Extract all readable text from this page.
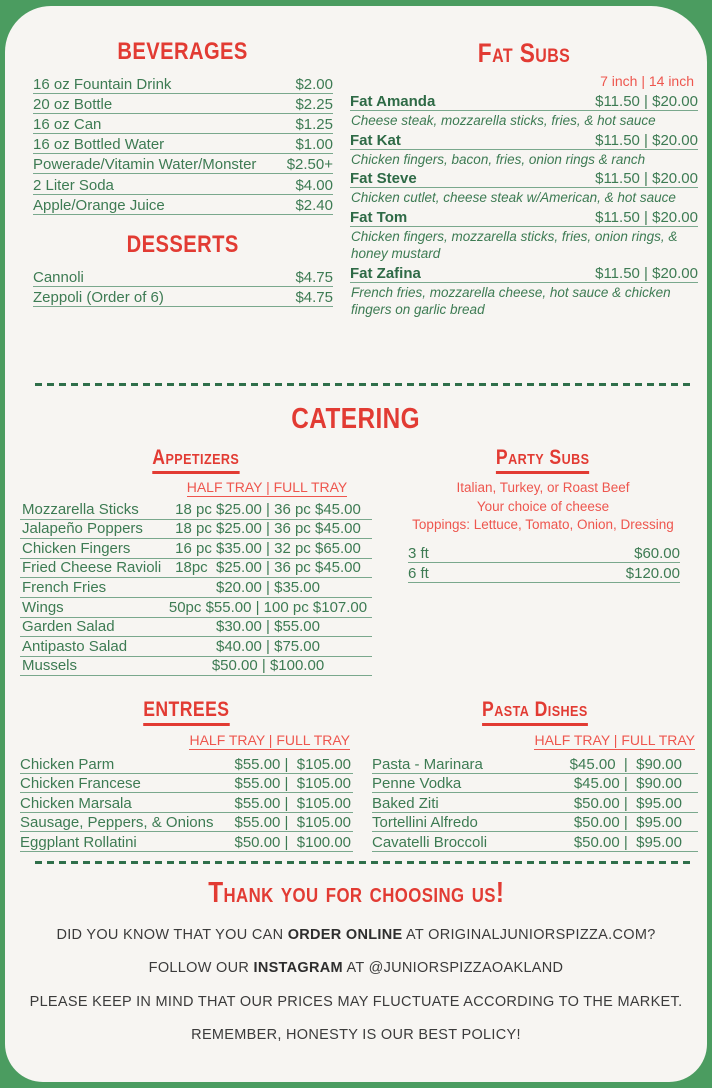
BEVERAGES
16 oz Fountain Drink	$2.00
20 oz Bottle	$2.25
16 oz Can	$1.25
16 oz Bottled Water	$1.00
Powerade/Vitamin Water/Monster $2.50+
2 Liter Soda	$4.00
Apple/Orange Juice	$2.40
Fat Subs
7 inch | 14 inch
Fat Amanda	$11.50 | $20.00
Cheese steak, mozzarella sticks, fries, & hot sauce
Fat Kat	$11.50 | $20.00
Chicken fingers, bacon, fries, onion rings & ranch
Fat Steve	$11.50 | $20.00
Chicken cutlet, cheese steak w/American, & hot sauce
Fat Tom	$11.50 | $20.00
Chicken fingers, mozzarella sticks, fries, onion rings, & honey mustard
Fat Zafina	$11.50 | $20.00
French fries, mozzarella cheese, hot sauce & chicken fingers on garlic bread
DESSERTS
Cannoli	$4.75
Zeppoli (Order of 6)	$4.75
CATERING
Appetizers
HALF TRAY | FULL TRAY
Mozzarella Sticks	18 pc $25.00 | 36 pc $45.00
Jalapeño Poppers	18 pc $25.00 | 36 pc $45.00
Chicken Fingers	16 pc $35.00 | 32 pc $65.00
Fried Cheese Ravioli 18pc  $25.00 | 36 pc $45.00
French Fries	$20.00 | $35.00
Wings	50pc $55.00 | 100 pc $107.00
Garden Salad	$30.00 | $55.00
Antipasto Salad	$40.00 | $75.00
Mussels	$50.00 | $100.00
Party Subs
Italian, Turkey, or Roast Beef
Your choice of cheese
Toppings: Lettuce, Tomato, Onion, Dressing
3 ft	$60.00
6 ft	$120.00
ENTREES
HALF TRAY | FULL TRAY
Chicken Parm	$55.00 |  $105.00
Chicken Francese	$55.00 |  $105.00
Chicken Marsala	$55.00 |  $105.00
Sausage, Peppers, & Onions $55.00 |  $105.00
Eggplant Rollatini	$50.00 |  $100.00
Pasta Dishes
HALF TRAY | FULL TRAY
Pasta - Marinara	$45.00  |  $90.00
Penne Vodka	$45.00 |  $90.00
Baked Ziti	$50.00 |  $95.00
Tortellini Alfredo	$50.00 |  $95.00
Cavatelli Broccoli	$50.00 |  $95.00
Thank you for choosing us!
DID YOU KNOW THAT YOU CAN ORDER ONLINE AT ORIGINALJUNIORSPIZZA.COM?
FOLLOW OUR INSTAGRAM AT @JUNIORSPIZZAOAKLAND
PLEASE KEEP IN MIND THAT OUR PRICES MAY FLUCTUATE ACCORDING TO THE MARKET.
REMEMBER, HONESTY IS OUR BEST POLICY!
